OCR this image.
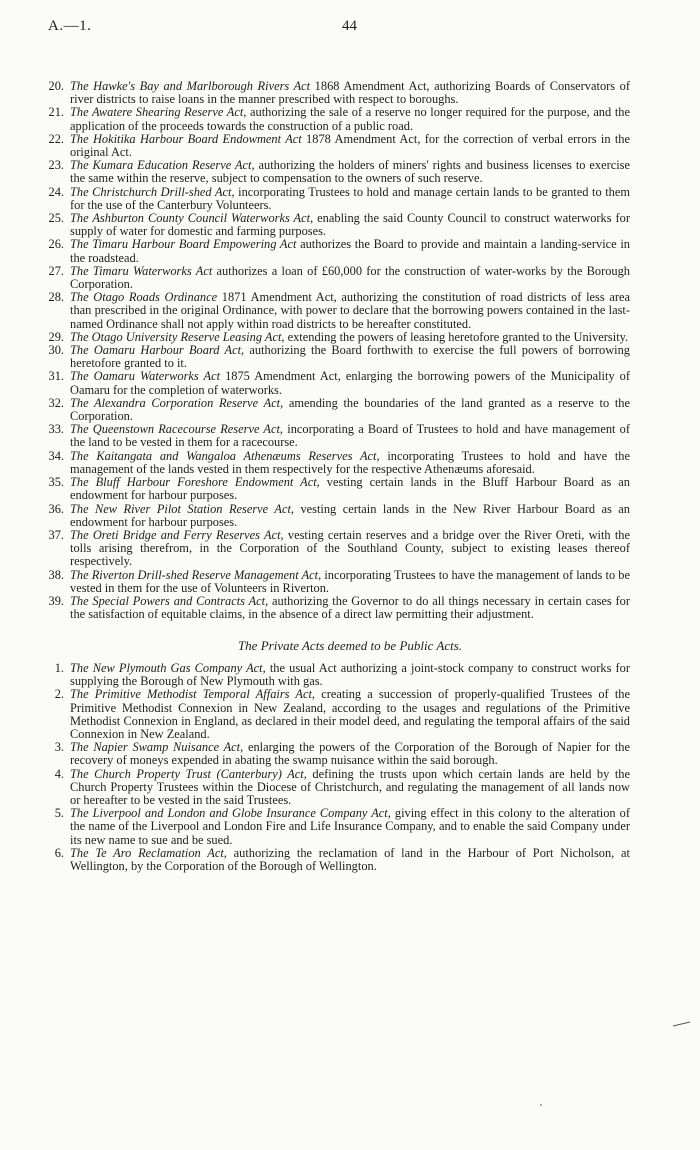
A.—1.	44
20. The Hawke's Bay and Marlborough Rivers Act 1868 Amendment Act, authorizing Boards of Conservators of river districts to raise loans in the manner prescribed with respect to boroughs.
21. The Awatere Shearing Reserve Act, authorizing the sale of a reserve no longer required for the purpose, and the application of the proceeds towards the construction of a public road.
22. The Hokitika Harbour Board Endowment Act 1878 Amendment Act, for the correction of verbal errors in the original Act.
23. The Kumara Education Reserve Act, authorizing the holders of miners' rights and business licenses to exercise the same within the reserve, subject to compensation to the owners of such reserve.
24. The Christchurch Drill-shed Act, incorporating Trustees to hold and manage certain lands to be granted to them for the use of the Canterbury Volunteers.
25. The Ashburton County Council Waterworks Act, enabling the said County Council to construct waterworks for supply of water for domestic and farming purposes.
26. The Timaru Harbour Board Empowering Act authorizes the Board to provide and maintain a landing-service in the roadstead.
27. The Timaru Waterworks Act authorizes a loan of £60,000 for the construction of water-works by the Borough Corporation.
28. The Otago Roads Ordinance 1871 Amendment Act, authorizing the constitution of road districts of less area than prescribed in the original Ordinance, with power to declare that the borrowing powers contained in the last-named Ordinance shall not apply within road districts to be hereafter constituted.
29. The Otago University Reserve Leasing Act, extending the powers of leasing heretofore granted to the University.
30. The Oamaru Harbour Board Act, authorizing the Board forthwith to exercise the full powers of borrowing heretofore granted to it.
31. The Oamaru Waterworks Act 1875 Amendment Act, enlarging the borrowing powers of the Municipality of Oamaru for the completion of waterworks.
32. The Alexandra Corporation Reserve Act, amending the boundaries of the land granted as a reserve to the Corporation.
33. The Queenstown Racecourse Reserve Act, incorporating a Board of Trustees to hold and have management of the land to be vested in them for a racecourse.
34. The Kaitangata and Wangaloa Athenæums Reserves Act, incorporating Trustees to hold and have the management of the lands vested in them respectively for the respective Athenæums aforesaid.
35. The Bluff Harbour Foreshore Endowment Act, vesting certain lands in the Bluff Harbour Board as an endowment for harbour purposes.
36. The New River Pilot Station Reserve Act, vesting certain lands in the New River Harbour Board as an endowment for harbour purposes.
37. The Oreti Bridge and Ferry Reserves Act, vesting certain reserves and a bridge over the River Oreti, with the tolls arising therefrom, in the Corporation of the Southland County, subject to existing leases thereof respectively.
38. The Riverton Drill-shed Reserve Management Act, incorporating Trustees to have the management of lands to be vested in them for the use of Volunteers in Riverton.
39. The Special Powers and Contracts Act, authorizing the Governor to do all things necessary in certain cases for the satisfaction of equitable claims, in the absence of a direct law permitting their adjustment.
The Private Acts deemed to be Public Acts.
1. The New Plymouth Gas Company Act, the usual Act authorizing a joint-stock company to construct works for supplying the Borough of New Plymouth with gas.
2. The Primitive Methodist Temporal Affairs Act, creating a succession of properly-qualified Trustees of the Primitive Methodist Connexion in New Zealand, according to the usages and regulations of the Primitive Methodist Connexion in England, as declared in their model deed, and regulating the temporal affairs of the said Connexion in New Zealand.
3. The Napier Swamp Nuisance Act, enlarging the powers of the Corporation of the Borough of Napier for the recovery of moneys expended in abating the swamp nuisance within the said borough.
4. The Church Property Trust (Canterbury) Act, defining the trusts upon which certain lands are held by the Church Property Trustees within the Diocese of Christchurch, and regulating the management of all lands now or hereafter to be vested in the said Trustees.
5. The Liverpool and London and Globe Insurance Company Act, giving effect in this colony to the alteration of the name of the Liverpool and London Fire and Life Insurance Company, and to enable the said Company under its new name to sue and be sued.
6. The Te Aro Reclamation Act, authorizing the reclamation of land in the Harbour of Port Nicholson, at Wellington, by the Corporation of the Borough of Wellington.
